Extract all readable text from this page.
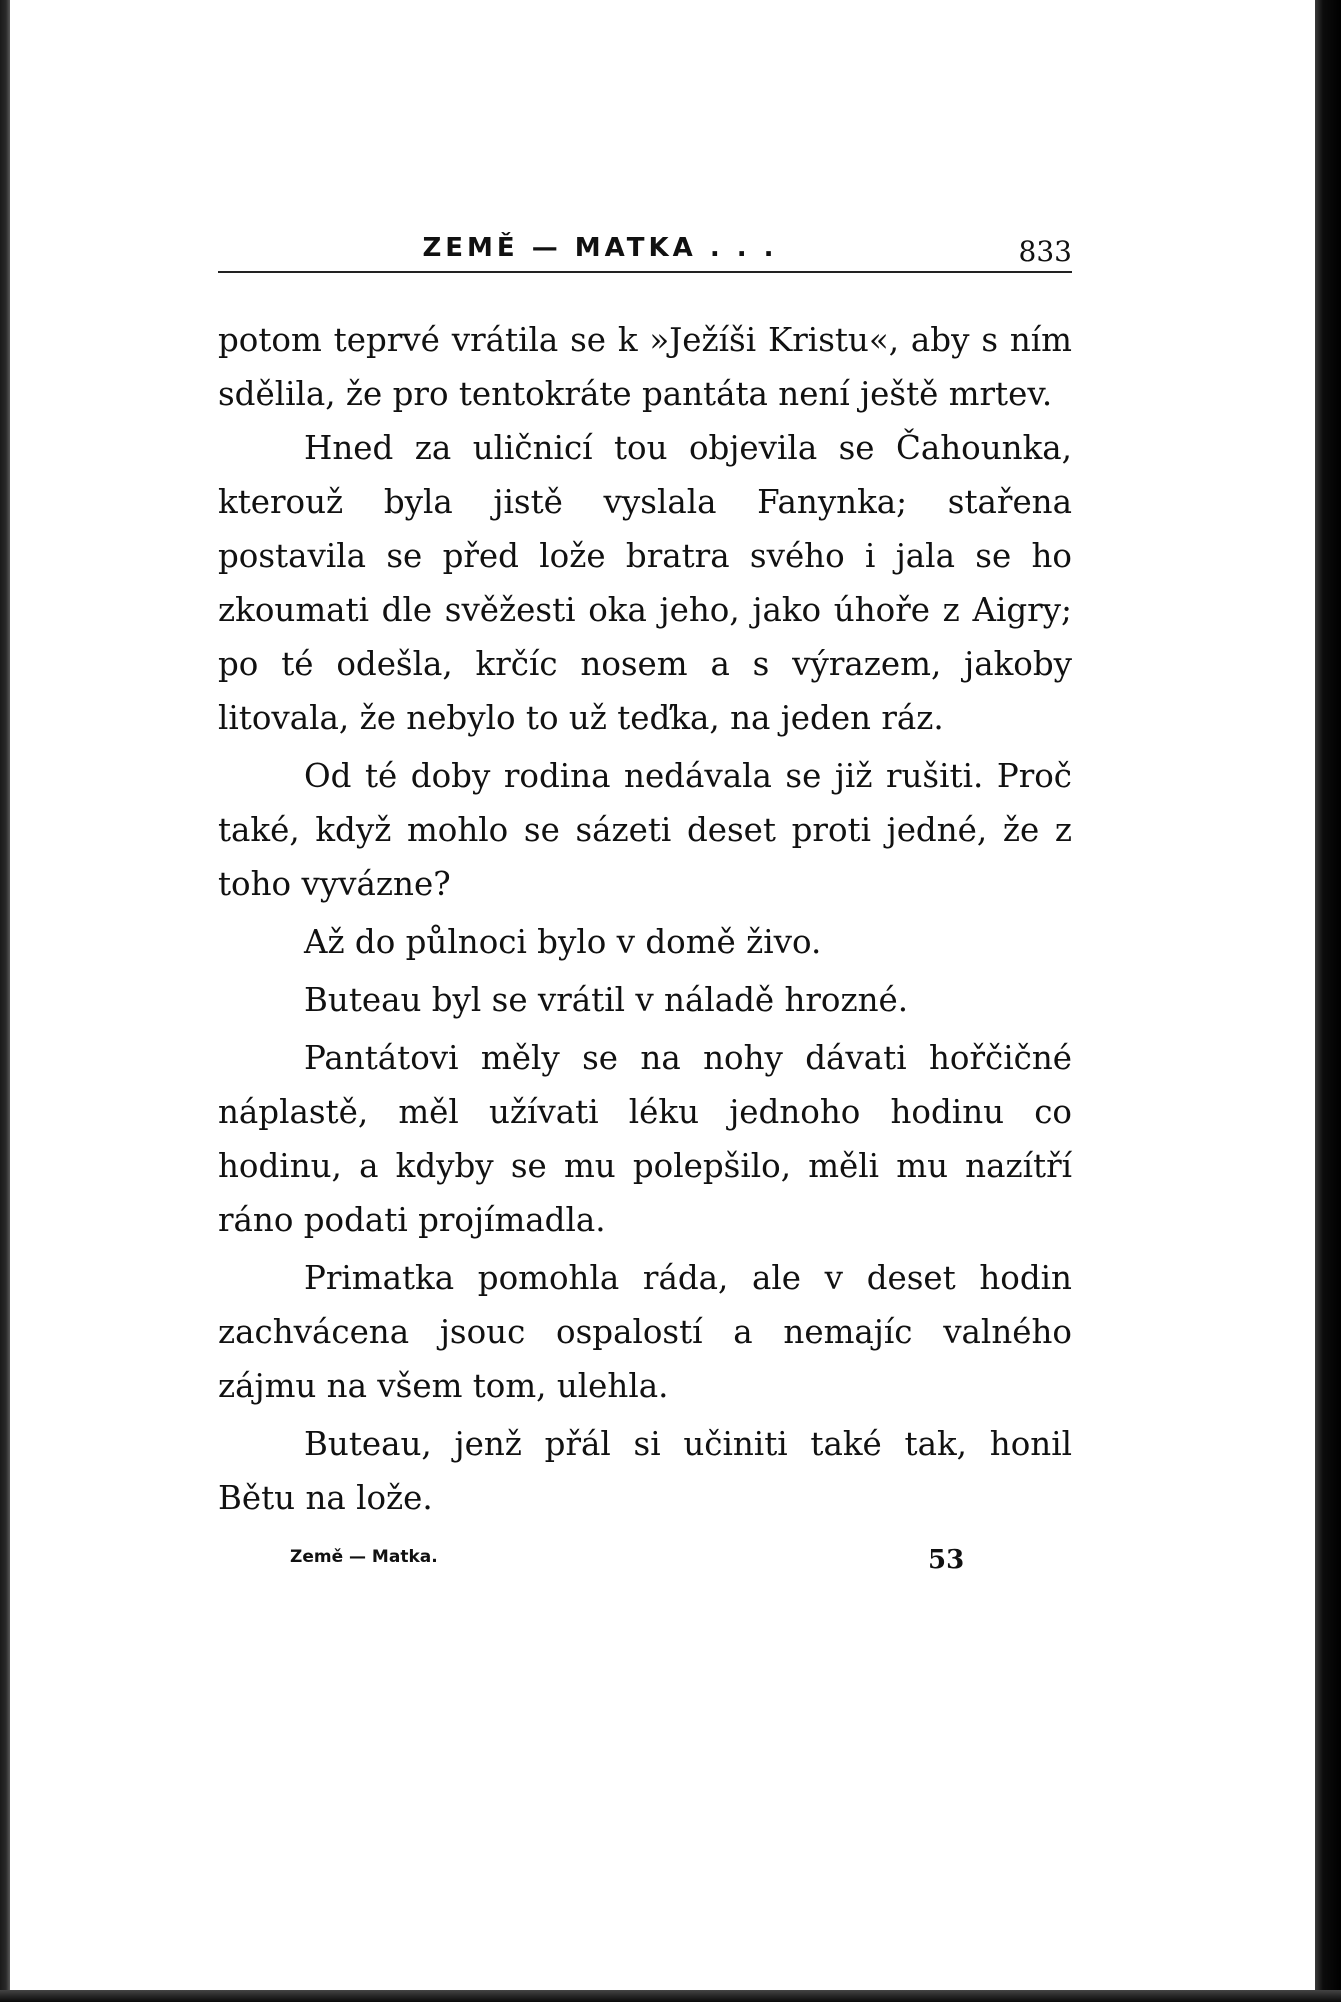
ZEMĚ — MATKA . . .	833

potom teprvé vrátila se k »Ježíši Kristu«, aby s ním sdělila, že pro tentokráte pantáta není ještě mrtev.

Hned za uličnicí tou objevila se Čahounka, kterouž byla jistě vyslala Fanynka; stařena postavila se před lože bratra svého i jala se ho zkoumati dle svěžesti oka jeho, jako úhoře z Aigry; po té odešla, krčíc nosem a s výrazem, jakoby litovala, že nebylo to už teďka, na jeden ráz.

Od té doby rodina nedávala se již rušiti. Proč také, když mohlo se sázeti deset proti jedné, že z toho vyvázne?

Až do půlnoci bylo v domě živo.

Buteau byl se vrátil v náladě hrozné.

Pantátovi měly se na nohy dávati hořčičné náplastě, měl užívati léku jednoho hodinu co hodinu, a kdyby se mu polepšilo, měli mu nazítří ráno podati projímadla.

Primatka pomohla ráda, ale v deset hodin zachvácena jsouc ospalostí a nemajíc valného zájmu na všem tom, ulehla.

Buteau, jenž přál si učiniti také tak, honil Bětu na lože.

Země — Matka.	53
